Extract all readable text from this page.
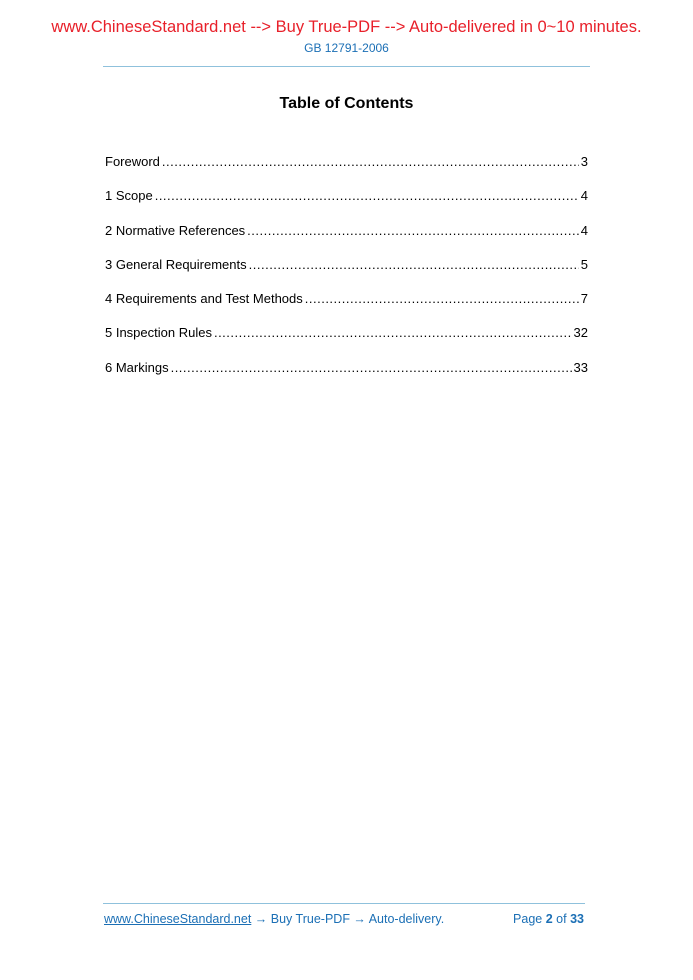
www.ChineseStandard.net --> Buy True-PDF --> Auto-delivered in 0~10 minutes.
GB 12791-2006
Table of Contents
Foreword .....	3
1 Scope .....	4
2 Normative References .....	4
3 General Requirements .....	5
4 Requirements and Test Methods .....	7
5 Inspection Rules .....	32
6 Markings .....	33
www.ChineseStandard.net → Buy True-PDF → Auto-delivery.	Page 2 of 33
